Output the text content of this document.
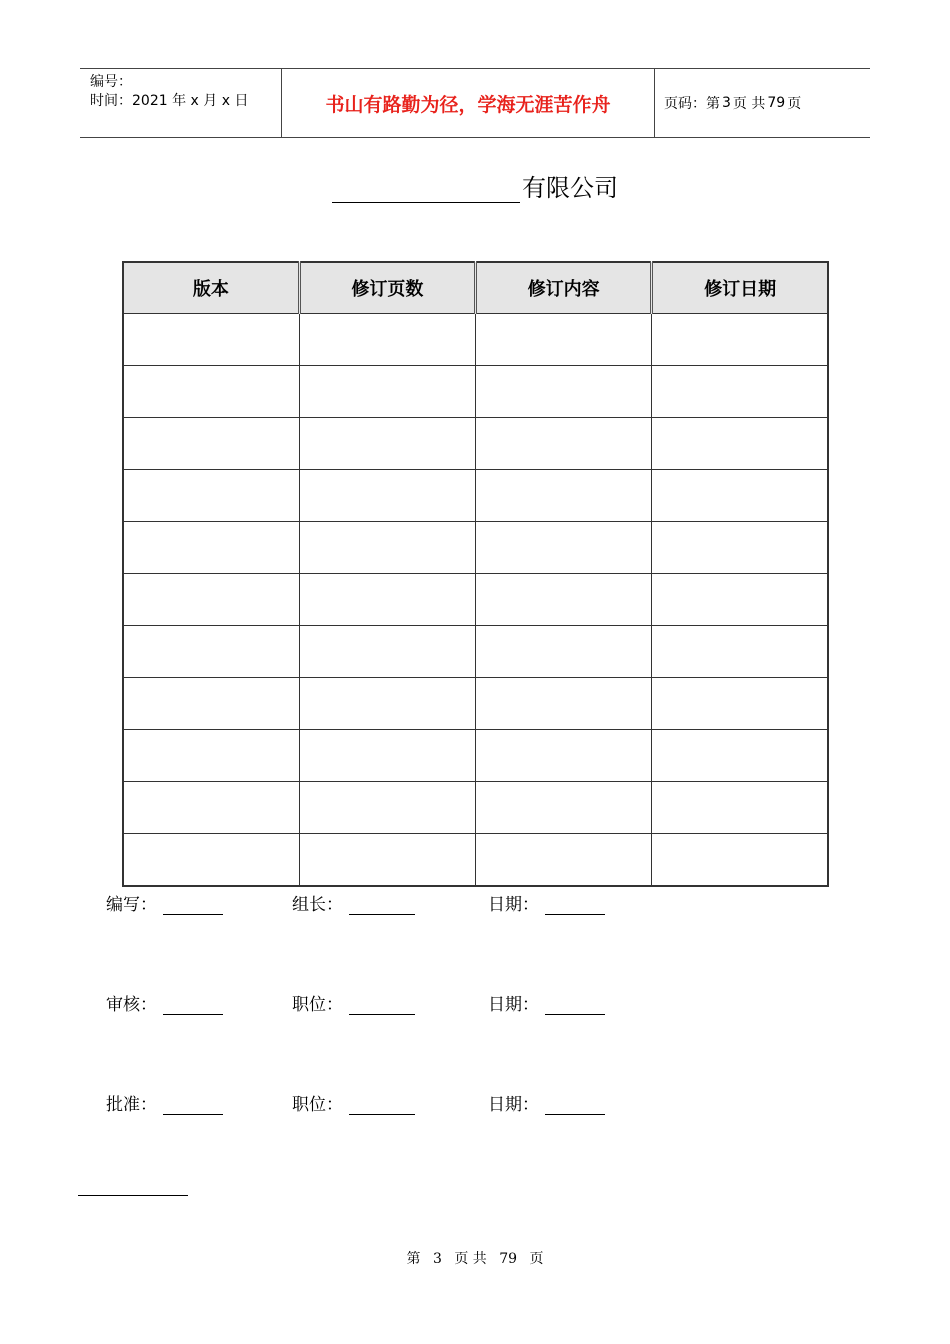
编号：
时间：2021 年 x 月 x 日	书山有路勤为径，学海无涯苦作舟	页码：第 3 页 共 79 页
有限公司
版本	修订页数	修订内容	修订日期

编写：	组长：	日期：
审核：	职位：	日期：
批准：	职位：	日期：
第 3 页 共 79 页
